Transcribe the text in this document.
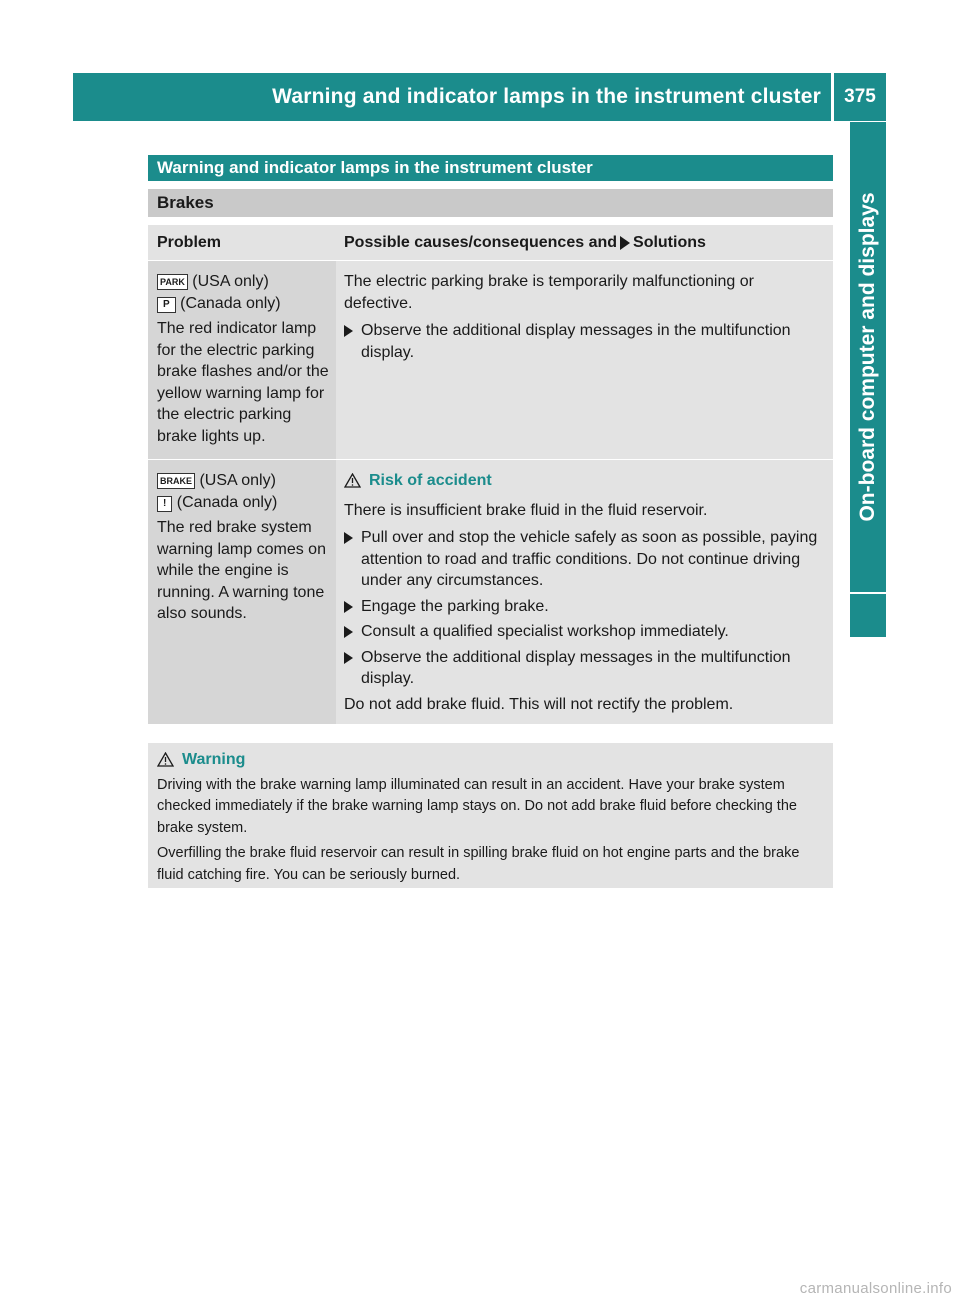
Warning and indicator lamps in the instrument cluster	375
On-board computer and displays
Warning and indicator lamps in the instrument cluster
Brakes
Problem	Possible causes/consequences and Solutions
PARK (USA only)
P (Canada only)

The red indicator lamp for the electric parking brake flashes and/or the yellow warning lamp for the electric parking brake lights up.

The electric parking brake is temporarily malfunctioning or defective.

Observe the additional display messages in the multifunction display.
BRAKE (USA only)
! (Canada only)

The red brake system warning lamp comes on while the engine is running. A warning tone also sounds.

Risk of accident

There is insufficient brake fluid in the fluid reservoir.

Pull over and stop the vehicle safely as soon as possible, paying attention to road and traffic conditions. Do not continue driving under any circumstances.
Engage the parking brake.
Consult a qualified specialist workshop immediately.
Observe the additional display messages in the multifunction display.

Do not add brake fluid. This will not rectify the problem.

Warning

Driving with the brake warning lamp illuminated can result in an accident. Have your brake system checked immediately if the brake warning lamp stays on. Do not add brake fluid before checking the brake system.

Overfilling the brake fluid reservoir can result in spilling brake fluid on hot engine parts and the brake fluid catching fire. You can be seriously burned.

carmanualsonline.info
